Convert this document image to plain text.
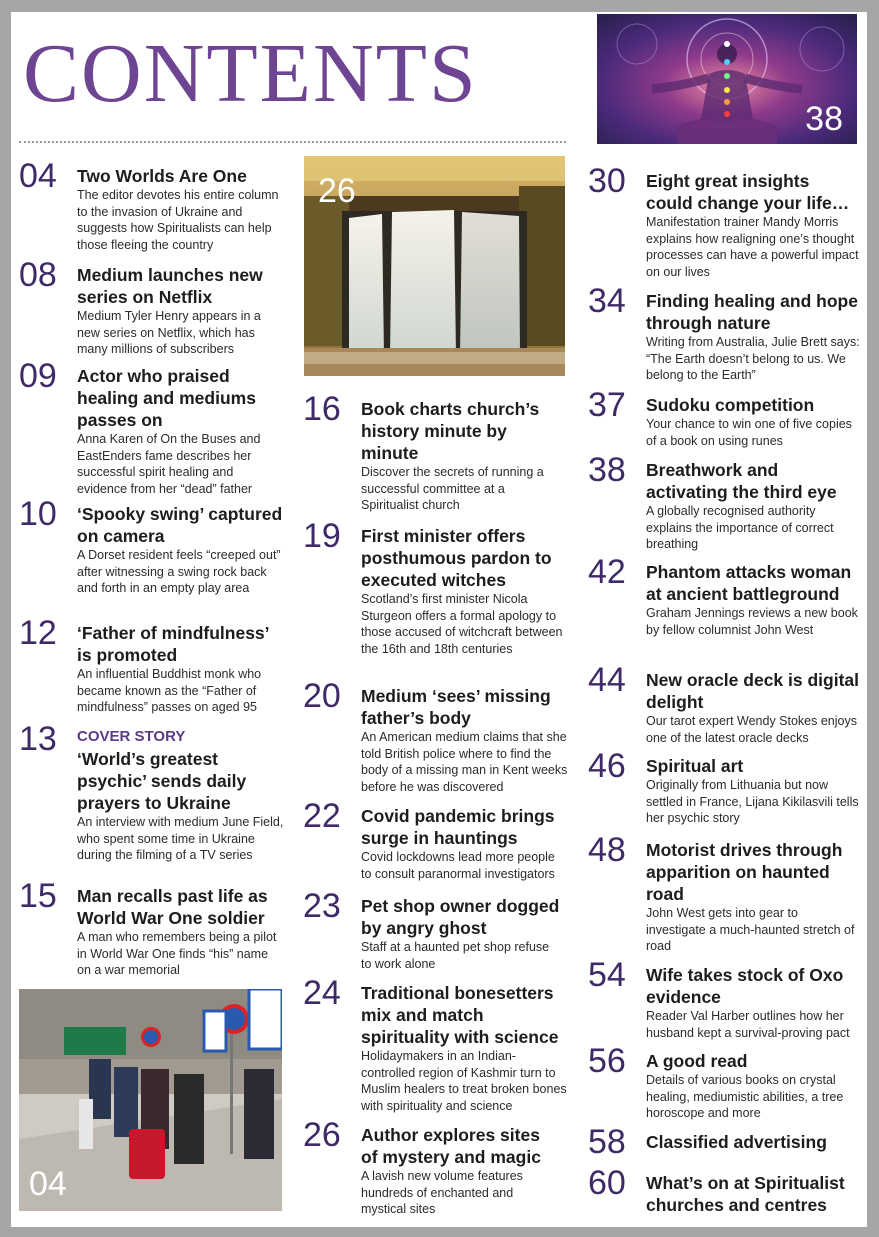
CONTENTS	38
26
04
04 Two Worlds Are One

The editor devotes his entire column to the invasion of Ukraine and suggests how Spiritualists can help those fleeing the country

08 Medium launches new series on Netflix

Medium Tyler Henry appears in a new series on Netflix, which has many millions of subscribers

09 Actor who praised healing and mediums passes on

Anna Karen of On the Buses and EastEnders fame describes her successful spirit healing and evidence from her “dead” father

10 ‘Spooky swing’ captured on camera

A Dorset resident feels “creeped out” after witnessing a swing rock back and forth in an empty play area

12 ‘Father of mindfulness’ is promoted

An influential Buddhist monk who became known as the “Father of mindfulness” passes on aged 95

13 COVER STORY

‘World’s greatest psychic’ sends daily prayers to Ukraine

An interview with medium June Field, who spent some time in Ukraine during the filming of a TV series

15 Man recalls past life as World War One soldier

A man who remembers being a pilot in World War One finds “his” name on a war memorial

16 Book charts church’s history minute by minute

Discover the secrets of running a successful committee at a Spiritualist church

19 First minister offers posthumous pardon to executed witches

Scotland’s first minister Nicola Sturgeon offers a formal apology to those accused of witchcraft between the 16th and 18th centuries

20 Medium ‘sees’ missing father’s body

An American medium claims that she told British police where to find the body of a missing man in Kent weeks before he was discovered

22 Covid pandemic brings surge in hauntings

Covid lockdowns lead more people to consult paranormal investigators

23 Pet shop owner dogged by angry ghost

Staff at a haunted pet shop refuse to work alone

24 Traditional bonesetters mix and match spirituality with science

Holidaymakers in an Indian-controlled region of Kashmir turn to Muslim healers to treat broken bones with spirituality and science

26 Author explores sites of mystery and magic

A lavish new volume features hundreds of enchanted and mystical sites

30 Eight great insights could change your life…

Manifestation trainer Mandy Morris explains how realigning one’s thought processes can have a powerful impact on our lives

34 Finding healing and hope through nature

Writing from Australia, Julie Brett says: “The Earth doesn’t belong to us. We belong to the Earth”

37 Sudoku competition

Your chance to win one of five copies of a book on using runes

38 Breathwork and activating the third eye

A globally recognised authority explains the importance of correct breathing

42 Phantom attacks woman at ancient battleground

Graham Jennings reviews a new book by fellow columnist John West

44 New oracle deck is digital delight

Our tarot expert Wendy Stokes enjoys one of the latest oracle decks

46 Spiritual art

Originally from Lithuania but now settled in France, Lijana Kikilasvili tells her psychic story

48 Motorist drives through apparition on haunted road

John West gets into gear to investigate a much-haunted stretch of road

54 Wife takes stock of Oxo evidence

Reader Val Harber outlines how her husband kept a survival-proving pact

56 A good read

Details of various books on crystal healing, mediumistic abilities, a tree horoscope and more

58 Classified advertising

60 What’s on at Spiritualist churches and centres
